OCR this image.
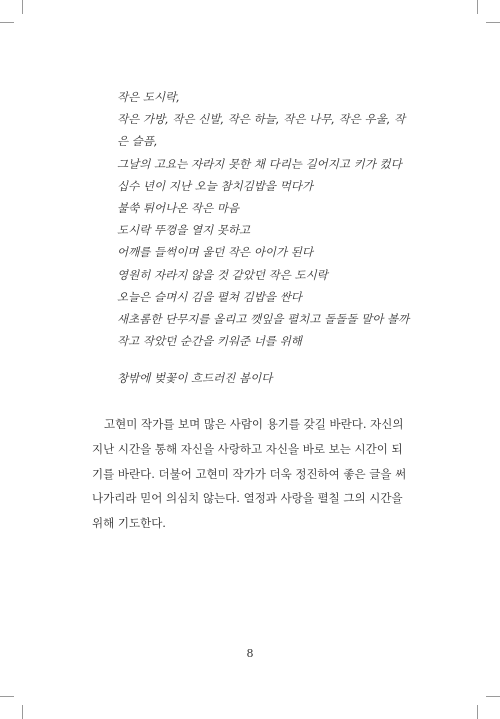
작은 도시락,
작은 가방, 작은 신발, 작은 하늘, 작은 나무, 작은 우울, 작
은 슬픔,
그날의 고요는 자라지 못한 채 다리는 길어지고 키가 컸다
십수 년이 지난 오늘 참치김밥을 먹다가
불쑥 튀어나온 작은 마음
도시락 뚜껑을 열지 못하고
어깨를 들썩이며 울던 작은 아이가 된다
영원히 자라지 않을 것 같았던 작은 도시락
오늘은 슬며시 김을 펼쳐 김밥을 싼다
새초롬한 단무지를 올리고 깻잎을 펼치고 돌돌돌 말아 볼까
작고 작았던 순간을 키워준 너를 위해
창밖에 벚꽃이 흐드러진 봄이다
고현미 작가를 보며 많은 사람이 용기를 갖길 바란다. 자신의
지난 시간을 통해 자신을 사랑하고 자신을 바로 보는 시간이 되
기를 바란다. 더불어 고현미 작가가 더욱 정진하여 좋은 글을 써
나가리라 믿어 의심치 않는다. 열정과 사랑을 펼칠 그의 시간을
위해 기도한다.
8
